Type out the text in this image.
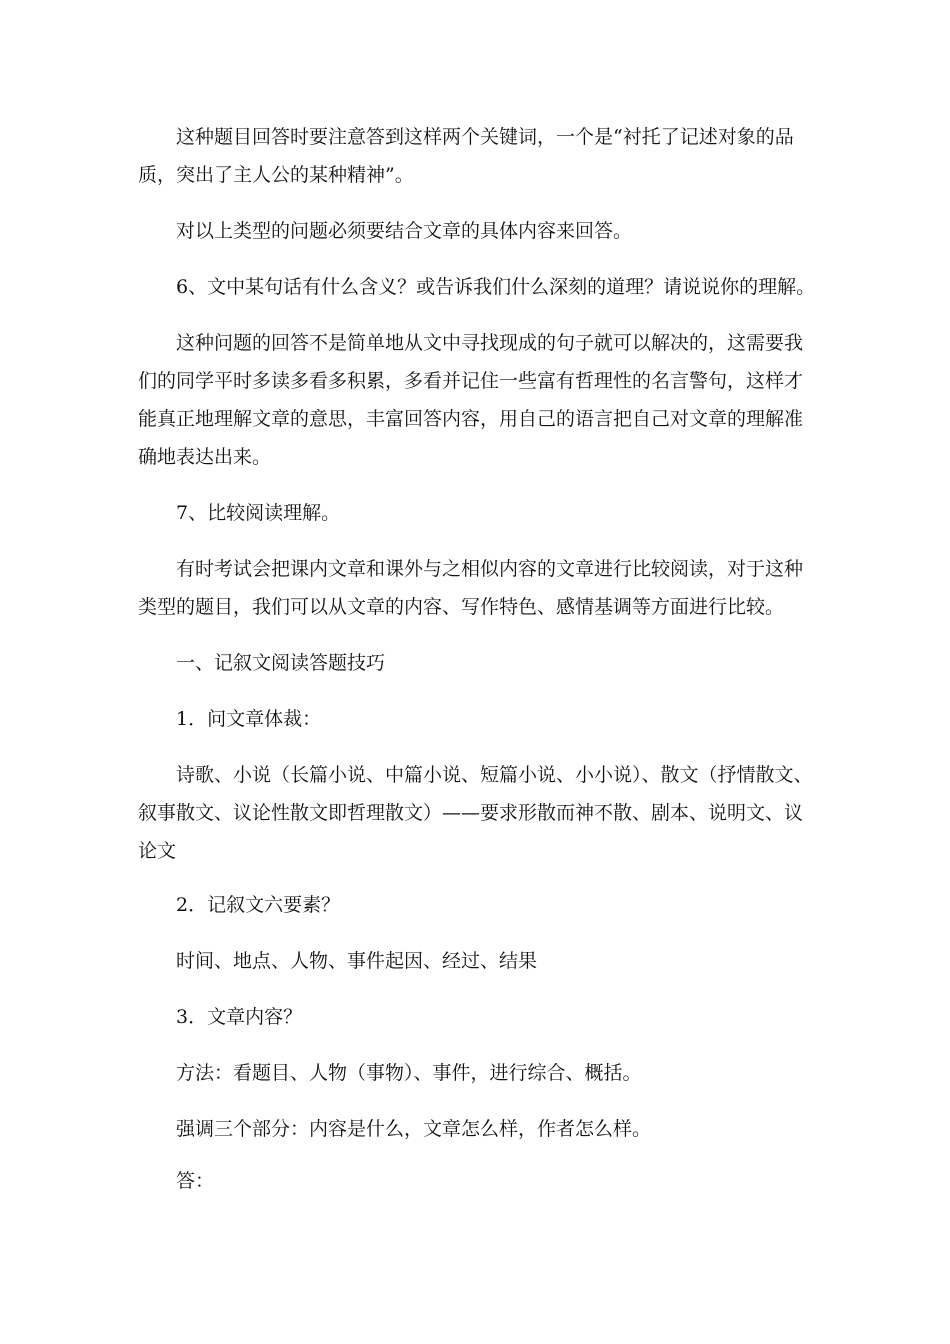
这种题目回答时要注意答到这样两个关键词，一个是“衬托了记述对象的品质，突出了主人公的某种精神”。

对以上类型的问题必须要结合文章的具体内容来回答。

6、文中某句话有什么含义？或告诉我们什么深刻的道理？请说说你的理解。

这种问题的回答不是简单地从文中寻找现成的句子就可以解决的，这需要我们的同学平时多读多看多积累，多看并记住一些富有哲理性的名言警句，这样才能真正地理解文章的意思，丰富回答内容，用自己的语言把自己对文章的理解准确地表达出来。

7、比较阅读理解。

有时考试会把课内文章和课外与之相似内容的文章进行比较阅读，对于这种类型的题目，我们可以从文章的内容、写作特色、感情基调等方面进行比较。

一、记叙文阅读答题技巧

1．问文章体裁：

诗歌、小说（长篇小说、中篇小说、短篇小说、小小说）、散文（抒情散文、叙事散文、议论性散文即哲理散文）——要求形散而神不散、剧本、说明文、议论文

2．记叙文六要素？

时间、地点、人物、事件起因、经过、结果

3．文章内容？

方法：看题目、人物（事物）、事件，进行综合、概括。

强调三个部分：内容是什么，文章怎么样，作者怎么样。

答：
